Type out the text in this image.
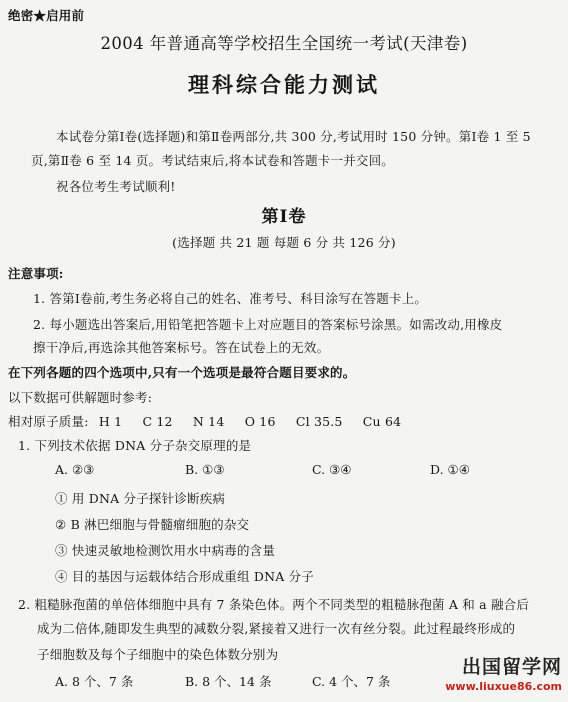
绝密★启用前
2004 年普通高等学校招生全国统一考试(天津卷)
理科综合能力测试
本试卷分第Ⅰ卷(选择题)和第Ⅱ卷两部分,共 300 分,考试用时 150 分钟。第Ⅰ卷 1 至 5
页,第Ⅱ卷 6 至 14 页。考试结束后,将本试卷和答题卡一并交回。
祝各位考生考试顺利!
第Ⅰ卷
(选择题 共 21 题 每题 6 分 共 126 分)
注意事项:
1. 答第Ⅰ卷前,考生务必将自己的姓名、准考号、科目涂写在答题卡上。
2. 每小题选出答案后,用铅笔把答题卡上对应题目的答案标号涂黑。如需改动,用橡皮
擦干净后,再选涂其他答案标号。答在试卷上的无效。
在下列各题的四个选项中,只有一个选项是最符合题目要求的。
以下数据可供解题时参考:
相对原子质量: H 1 C 12 N 14 O 16 Cl 35.5 Cu 64
1. 下列技术依据 DNA 分子杂交原理的是
A. ②③	B. ①③	C. ③④	D. ①④
① 用 DNA 分子探针诊断疾病
② B 淋巴细胞与骨髓瘤细胞的杂交
③ 快速灵敏地检测饮用水中病毒的含量
④ 目的基因与运载体结合形成重组 DNA 分子
2. 粗糙脉孢菌的单倍体细胞中具有 7 条染色体。两个不同类型的粗糙脉孢菌 A 和 a 融合后
成为二倍体,随即发生典型的减数分裂,紧接着又进行一次有丝分裂。此过程最终形成的
子细胞数及每个子细胞中的染色体数分别为
A. 8 个、7 条	B. 8 个、14 条	C. 4 个、7 条
出国留学网
www.liuxue86.com
